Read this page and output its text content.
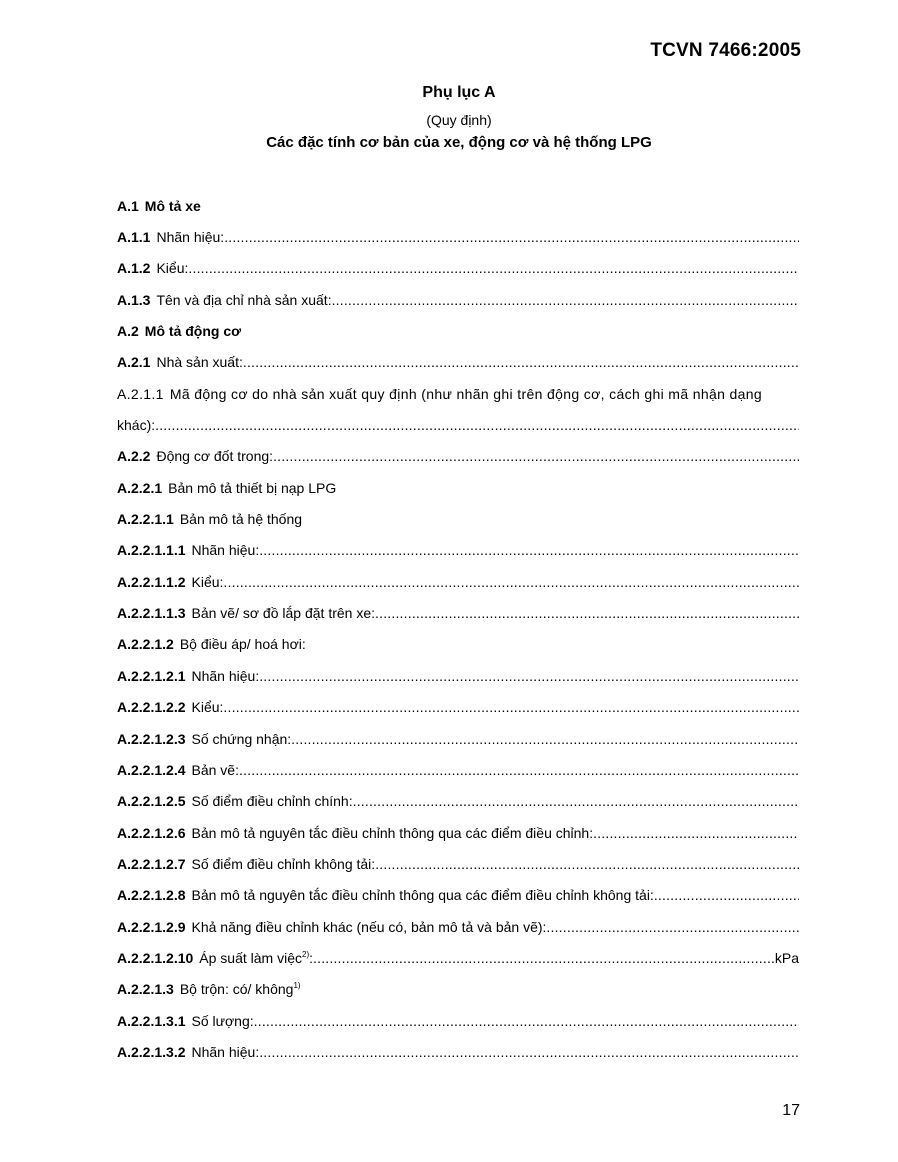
TCVN 7466:2005
Phụ lục A
(Quy định)
Các đặc tính cơ bản của xe, động cơ và hệ thống LPG
A.1 Mô tả xe
A.1.1 Nhãn hiệu:
.....
A.1.2 Kiểu:
.....
A.1.3 Tên và địa chỉ nhà sản xuất:
.....
A.2 Mô tả động cơ
A.2.1 Nhà sản xuất:
.....
A.2.1.1 Mã động cơ do nhà sản xuất quy định (như nhãn ghi trên động cơ, cách ghi mã nhận dạng
khác):
.....
A.2.2 Động cơ đốt trong:
.....
A.2.2.1 Bản mô tả thiết bị nạp LPG
A.2.2.1.1 Bản mô tả hệ thống
A.2.2.1.1.1 Nhãn hiệu:
.....
A.2.2.1.1.2 Kiểu:
.....
A.2.2.1.1.3 Bản vẽ/ sơ đồ lắp đặt trên xe:
.....
A.2.2.1.2 Bộ điều áp/ hoá hơi:
A.2.2.1.2.1 Nhãn hiệu:
.....
A.2.2.1.2.2 Kiểu:
.....
A.2.2.1.2.3 Số chứng nhận:
.....
A.2.2.1.2.4 Bản vẽ:
.....
A.2.2.1.2.5 Số điểm điều chỉnh chính:
.....
A.2.2.1.2.6 Bản mô tả nguyên tắc điều chỉnh thông qua các điểm điều chỉnh:
.....
A.2.2.1.2.7 Số điểm điều chỉnh không tải:
.....
A.2.2.1.2.8 Bản mô tả nguyên tắc điều chỉnh thông qua các điểm điều chỉnh không tải:
.....
A.2.2.1.2.9 Khả năng điều chỉnh khác (nếu có, bản mô tả và bản vẽ):
.....
A.2.2.1.2.10 Áp suất làm việc$^{2)}$:
.....	kPa
A.2.2.1.3 Bộ trộn: có/ không$^{1)}$
A.2.2.1.3.1 Số lượng:
.....
A.2.2.1.3.2 Nhãn hiệu:
.....
17
